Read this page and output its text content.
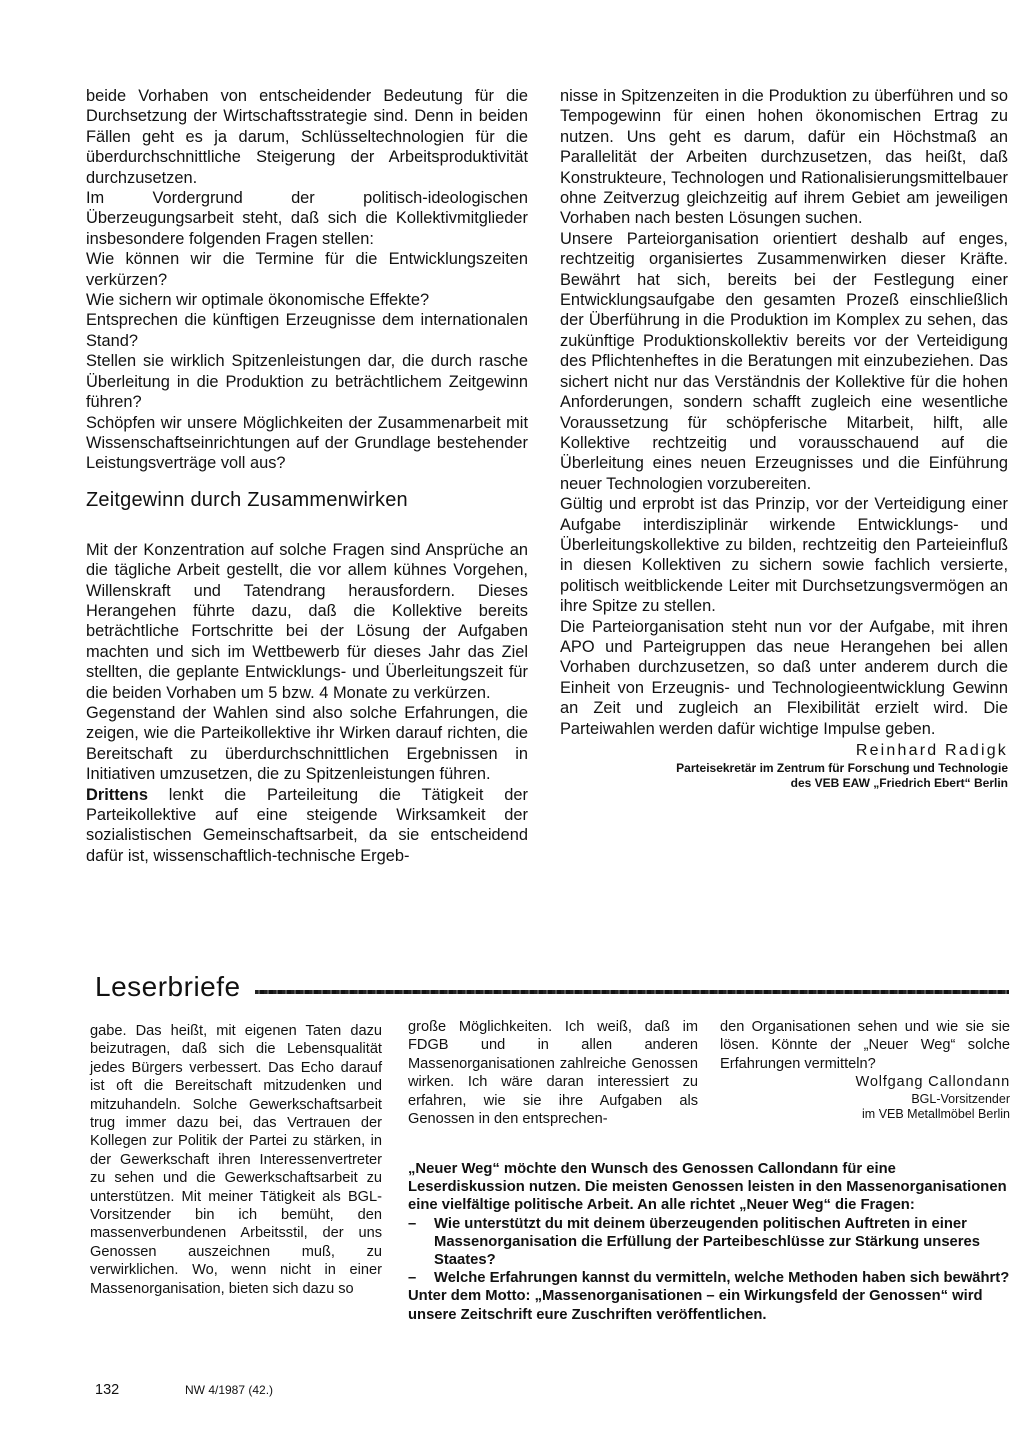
beide Vorhaben von entscheidender Bedeutung für die Durchsetzung der Wirtschaftsstrategie sind. Denn in beiden Fällen geht es ja darum, Schlüsseltechnologien für die überdurchschnittliche Steigerung der Arbeitsproduktivität durchzusetzen.

Im Vordergrund der politisch-ideologischen Überzeugungsarbeit steht, daß sich die Kollektivmitglieder insbesondere folgenden Fragen stellen:

Wie können wir die Termine für die Entwicklungszeiten verkürzen?

Wie sichern wir optimale ökonomische Effekte?

Entsprechen die künftigen Erzeugnisse dem internationalen Stand?

Stellen sie wirklich Spitzenleistungen dar, die durch rasche Überleitung in die Produktion zu beträchtlichem Zeitgewinn führen?

Schöpfen wir unsere Möglichkeiten der Zusammenarbeit mit Wissenschaftseinrichtungen auf der Grundlage bestehender Leistungsverträge voll aus?

Zeitgewinn durch Zusammenwirken

Mit der Konzentration auf solche Fragen sind Ansprüche an die tägliche Arbeit gestellt, die vor allem kühnes Vorgehen, Willenskraft und Tatendrang herausfordern. Dieses Herangehen führte dazu, daß die Kollektive bereits beträchtliche Fortschritte bei der Lösung der Aufgaben machten und sich im Wettbewerb für dieses Jahr das Ziel stellten, die geplante Entwicklungs- und Überleitungszeit für die beiden Vorhaben um 5 bzw. 4 Monate zu verkürzen.

Gegenstand der Wahlen sind also solche Erfahrungen, die zeigen, wie die Parteikollektive ihr Wirken darauf richten, die Bereitschaft zu überdurchschnittlichen Ergebnissen in Initiativen umzusetzen, die zu Spitzenleistungen führen.

Drittens lenkt die Parteileitung die Tätigkeit der Parteikollektive auf eine steigende Wirksamkeit der sozialistischen Gemeinschaftsarbeit, da sie entscheidend dafür ist, wissenschaftlich-technische Ergeb-

nisse in Spitzenzeiten in die Produktion zu überführen und so Tempogewinn für einen hohen ökonomischen Ertrag zu nutzen. Uns geht es darum, dafür ein Höchstmaß an Parallelität der Arbeiten durchzusetzen, das heißt, daß Konstrukteure, Technologen und Rationalisierungsmittelbauer ohne Zeitverzug gleichzeitig auf ihrem Gebiet am jeweiligen Vorhaben nach besten Lösungen suchen.

Unsere Parteiorganisation orientiert deshalb auf enges, rechtzeitig organisiertes Zusammenwirken dieser Kräfte. Bewährt hat sich, bereits bei der Festlegung einer Entwicklungsaufgabe den gesamten Prozeß einschließlich der Überführung in die Produktion im Komplex zu sehen, das zukünftige Produktionskollektiv bereits vor der Verteidigung des Pflichtenheftes in die Beratungen mit einzubeziehen. Das sichert nicht nur das Verständnis der Kollektive für die hohen Anforderungen, sondern schafft zugleich eine wesentliche Voraussetzung für schöpferische Mitarbeit, hilft, alle Kollektive rechtzeitig und vorausschauend auf die Überleitung eines neuen Erzeugnisses und die Einführung neuer Technologien vorzubereiten.

Gültig und erprobt ist das Prinzip, vor der Verteidigung einer Aufgabe interdisziplinär wirkende Entwicklungs- und Überleitungskollektive zu bilden, rechtzeitig den Parteieinfluß in diesen Kollektiven zu sichern sowie fachlich versierte, politisch weitblickende Leiter mit Durchsetzungsvermögen an ihre Spitze zu stellen.

Die Parteiorganisation steht nun vor der Aufgabe, mit ihren APO und Parteigruppen das neue Herangehen bei allen Vorhaben durchzusetzen, so daß unter anderem durch die Einheit von Erzeugnis- und Technologieentwicklung Gewinn an Zeit und zugleich an Flexibilität erzielt wird. Die Parteiwahlen werden dafür wichtige Impulse geben.

Reinhard Radigk

Parteisekretär im Zentrum für Forschung und Technologie

des VEB EAW „Friedrich Ebert“ Berlin

Leserbriefe

gabe. Das heißt, mit eigenen Taten dazu beizutragen, daß sich die Lebensqualität jedes Bürgers verbessert. Das Echo darauf ist oft die Bereitschaft mitzudenken und mitzuhandeln. Solche Gewerkschaftsarbeit trug immer dazu bei, das Vertrauen der Kollegen zur Politik der Partei zu stärken, in der Gewerkschaft ihren Interessenvertreter zu sehen und die Gewerkschaftsarbeit zu unterstützen. Mit meiner Tätigkeit als BGL-Vorsitzender bin ich bemüht, den massenverbundenen Arbeitsstil, der uns Genossen auszeichnen muß, zu verwirklichen. Wo, wenn nicht in einer Massenorganisation, bieten sich dazu so

große Möglichkeiten. Ich weiß, daß im FDGB und in allen anderen Massenorganisationen zahlreiche Genossen wirken. Ich wäre daran interessiert zu erfahren, wie sie ihre Aufgaben als Genossen in den entsprechen-

den Organisationen sehen und wie sie sie lösen. Könnte der „Neuer Weg“ solche Erfahrungen vermitteln?

Wolfgang Callondann

BGL-Vorsitzender

im VEB Metallmöbel Berlin

„Neuer Weg“ möchte den Wunsch des Genossen Callondann für eine Leserdiskussion nutzen. Die meisten Genossen leisten in den Massenorganisationen eine vielfältige politische Arbeit. An alle richtet „Neuer Weg“ die Fragen:

– Wie unterstützt du mit deinem überzeugenden politischen Auftreten in einer Massenorganisation die Erfüllung der Parteibeschlüsse zur Stärkung unseres Staates?
– Welche Erfahrungen kannst du vermitteln, welche Methoden haben sich bewährt?

Unter dem Motto: „Massenorganisationen – ein Wirkungsfeld der Genossen“ wird unsere Zeitschrift eure Zuschriften veröffentlichen.

132	NW 4/1987 (42.)
